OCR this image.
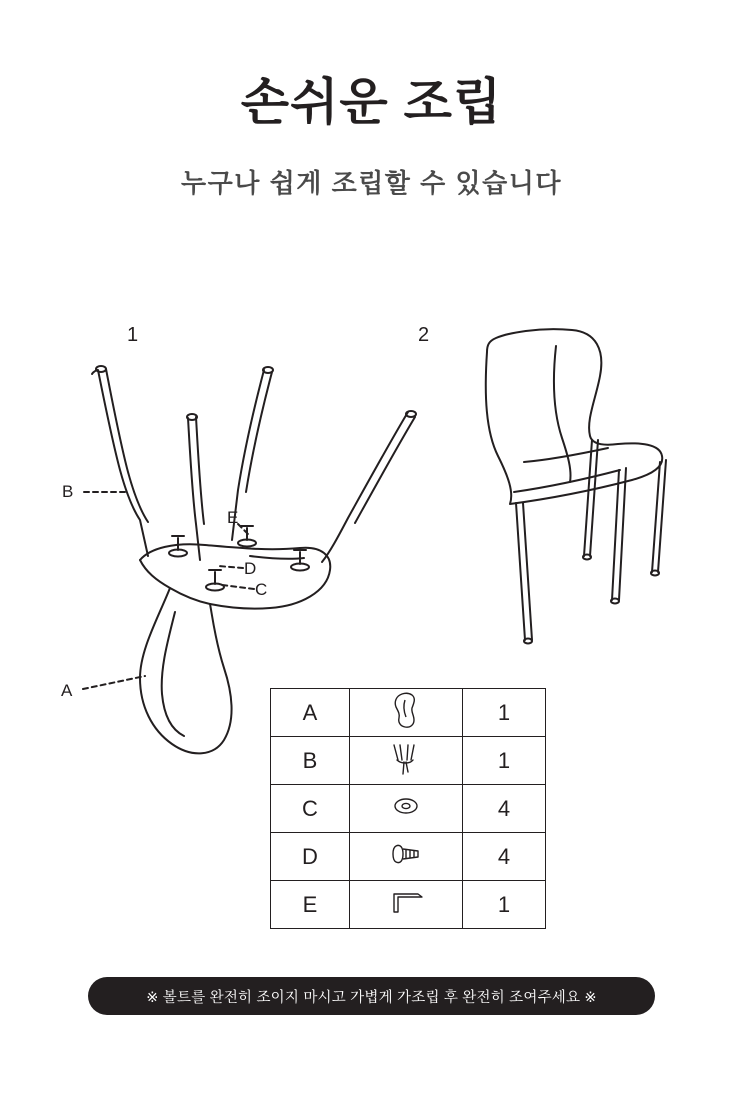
손쉬운 조립
누구나 쉽게 조립할 수 있습니다
1	2
A
B
C
D
E
A		1
B		1
C		4
D		4
E		1
※ 볼트를 완전히 조이지 마시고 가볍게 가조립 후 완전히 조여주세요 ※
